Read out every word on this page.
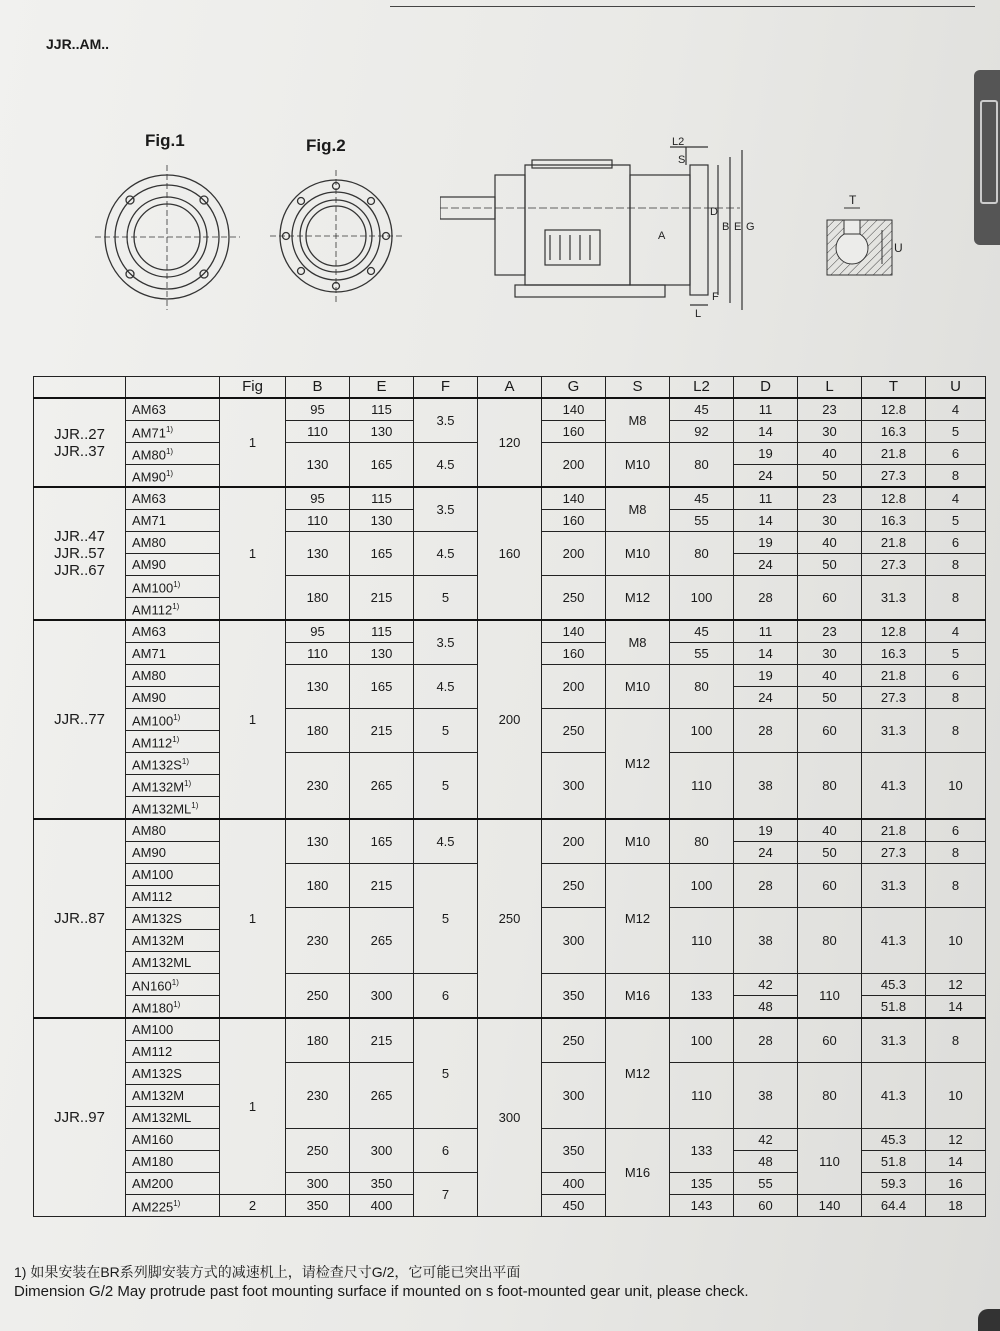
JJR..AM..
Fig.1	Fig.2	L2
S
A
D
B E G
F
L
T
U
		Fig	B	E	F	A	G	S	L2	D	L	T	U
JJR..27
JJR..37	AM63	1	95	115	3.5	120	140	M8	45	11	23	12.8	4
	AM71$^{1)}$		110	130			160		92	14	30	16.3	5
	AM80$^{1)}$		130	165	4.5		200	M10	80	19	40	21.8	6
	AM90$^{1)}$									24	50	27.3	8
JJR..47
JJR..57
JJR..67	AM63	1	95	115	3.5	160	140	M8	45	11	23	12.8	4
	AM71		110	130			160		55	14	30	16.3	5
	AM80		130	165	4.5		200	M10	80	19	40	21.8	6
	AM90									24	50	27.3	8
	AM100$^{1)}$		180	215	5		250	M12	100	28	60	31.3	8
	AM112$^{1)}$
JJR..77	AM63	1	95	115	3.5	200	140	M8	45	11	23	12.8	4
	AM71		110	130			160		55	14	30	16.3	5
	AM80		130	165	4.5		200	M10	80	19	40	21.8	6
	AM90									24	50	27.3	8
	AM100$^{1)}$		180	215	5		250	M12	100	28	60	31.3	8
	AM112$^{1)}$
	$AM132S^{1)}$		230	265	5		300		110	38	80	41.3	10
	$AM132M^{1)}$
	AM132ML$^{1)}$
JJR..87	AM80	1	130	165	4.5	250	200	M10	80	19	40	21.8	6
	AM90									24	50	27.3	8
	AM100		180	215	5		250	M12	100	28	60	31.3	8
	AM112												
	AM132S		230	265			300		110	38	80	41.3	10
	AM132M												
	AM132ML												
	AN160$^{1)}$		250	300	6		350	M16	133	42	110	45.3	12
	AM180$^{1)}$									48		51.8	14
JJR..97	AM100	1	180	215	5	300	250	M12	100	28	60	31.3	8
	AM112												
	AM132S		230	265			300		110	38	80	41.3	10
	AM132M												
	AM132ML												
	AM160		250	300	6		350	M16	133	42	110	45.3	12
	AM180									48		51.8	14
	AM200		300	350	7		400		135	55		59.3	16
	AM225$^{1)}$	2	350	400			450		143	60	140	64.4	18
1) 如果安装在BR系列脚安装方式的减速机上，请检查尺寸G/2，它可能已突出平面
Dimension G/2 May protrude past foot mounting surface if mounted on s foot-mounted gear unit, please check.
